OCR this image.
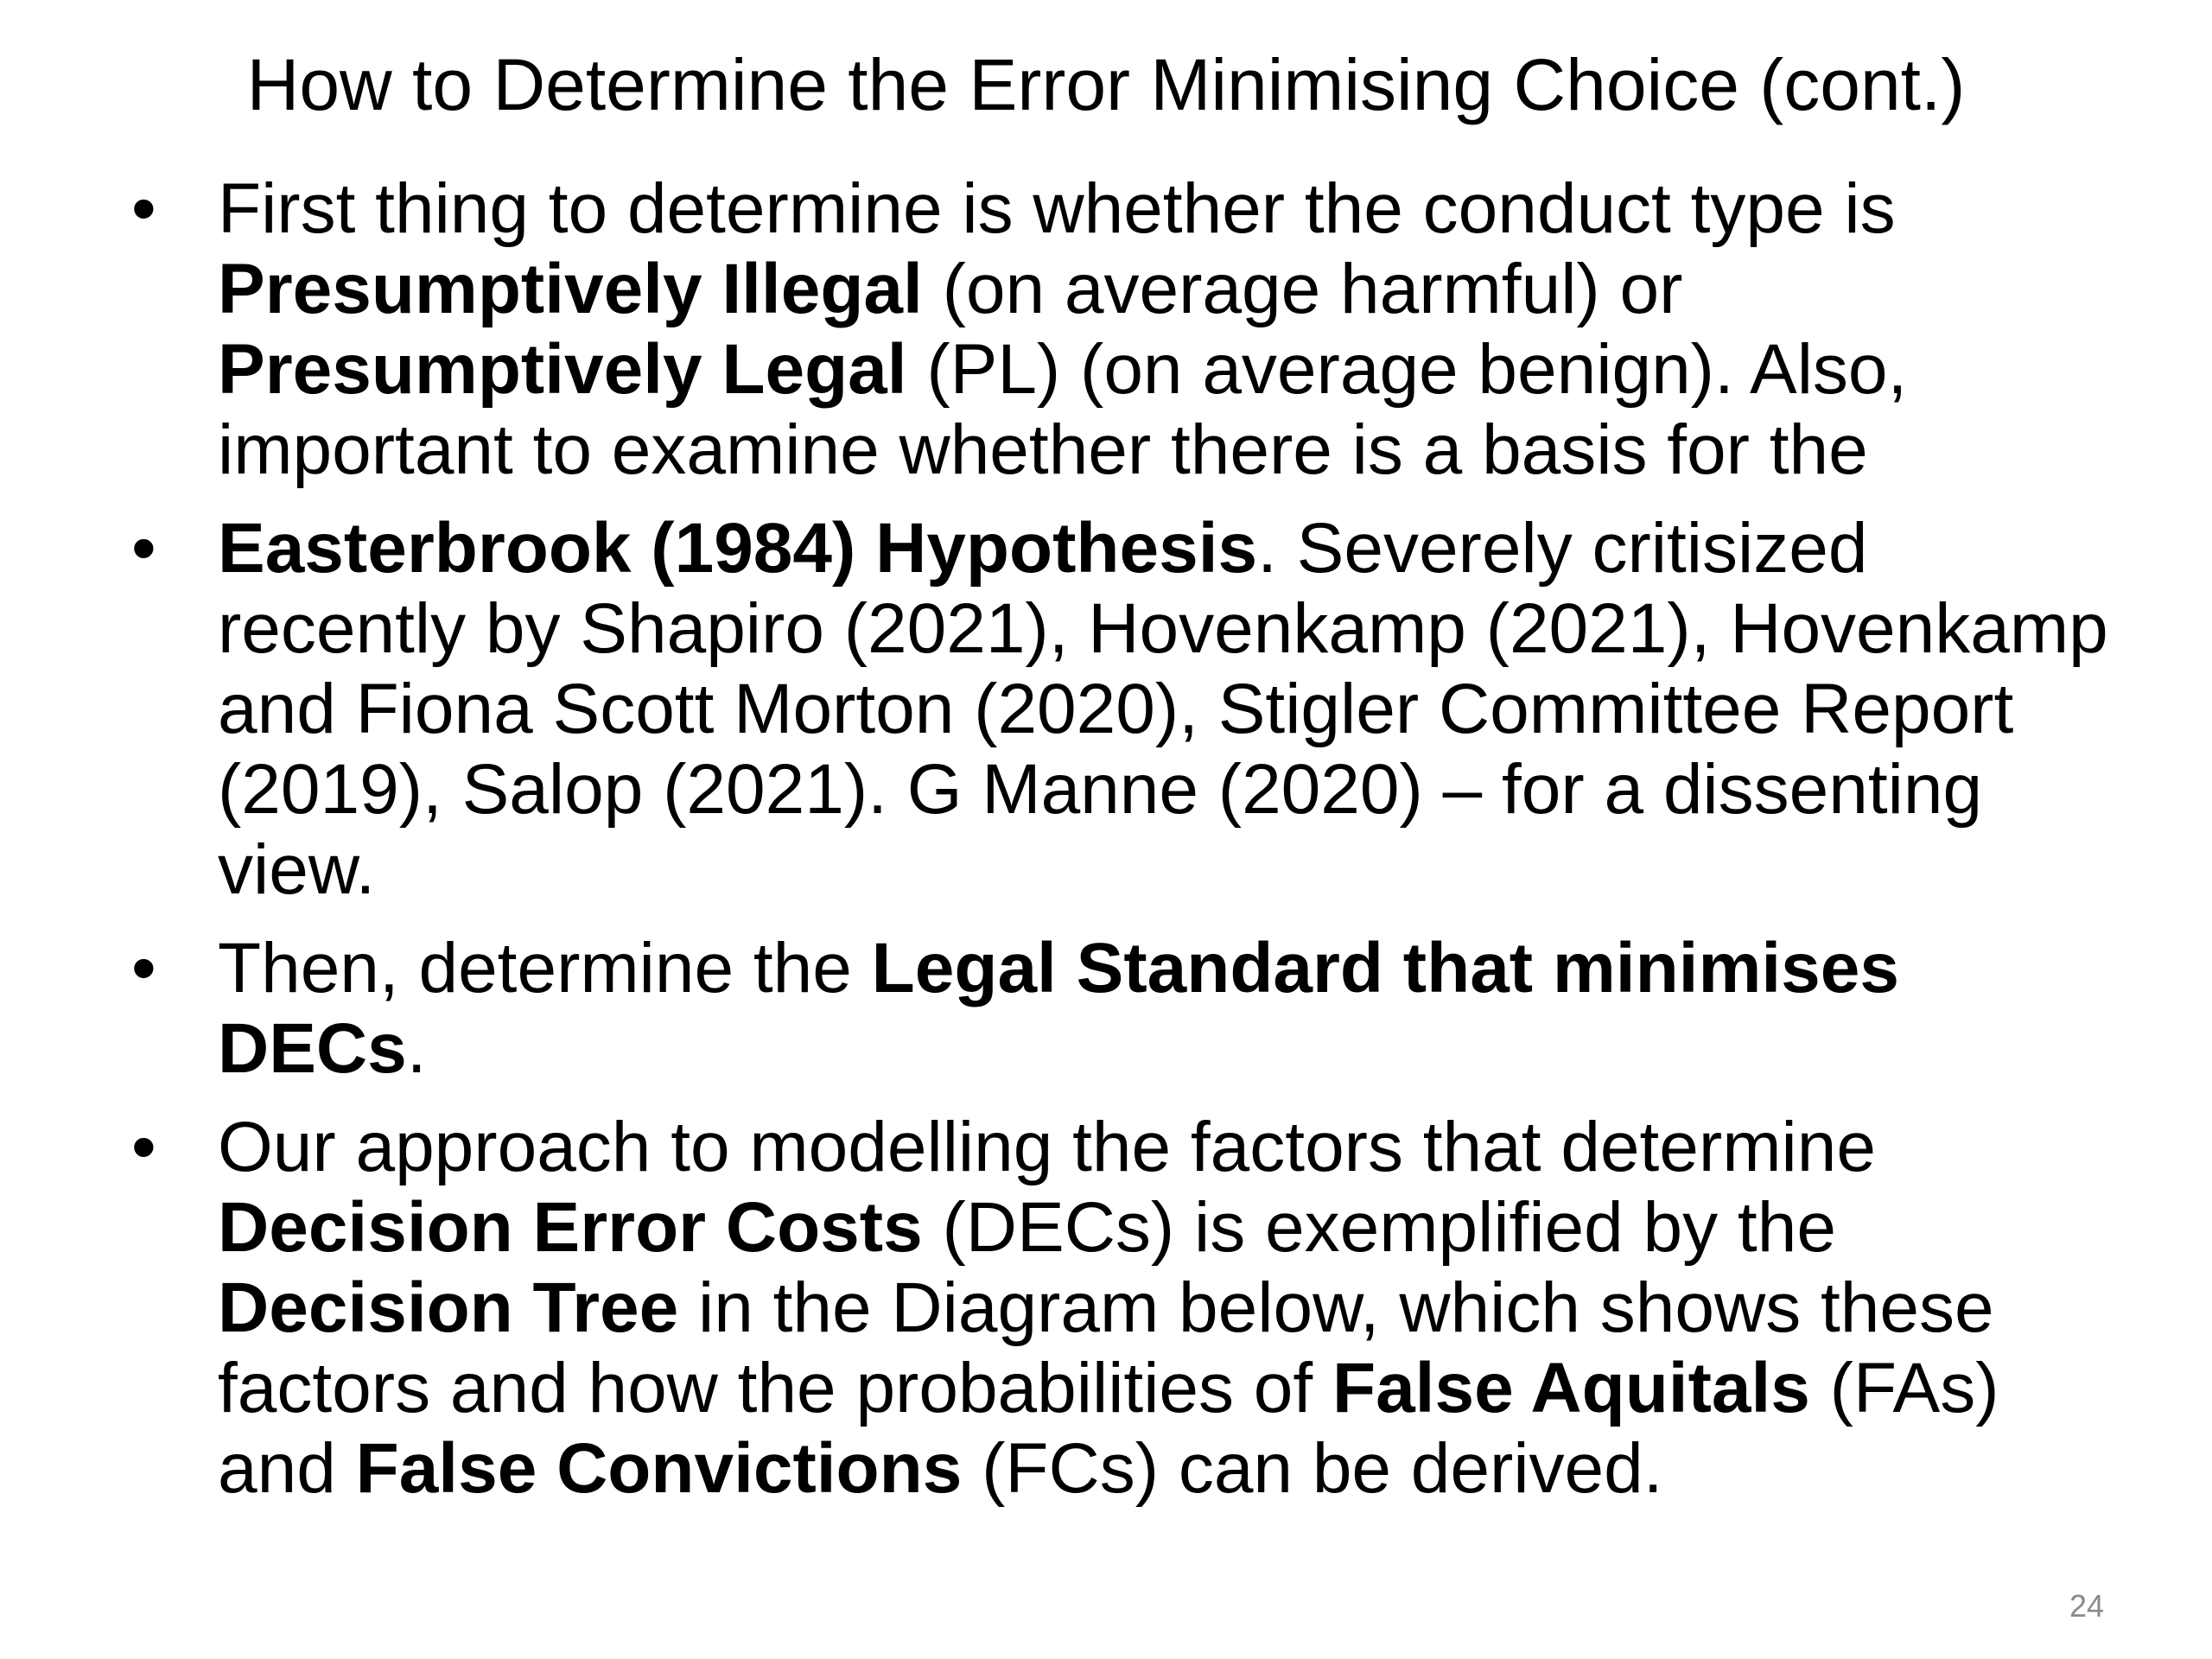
How to Determine the Error Minimising Choice (cont.)
• First thing to determine is whether the conduct type is Presumptively Illegal (on average harmful) or Presumptively Legal (PL) (on average benign). Also, important to examine whether there is a basis for the
• Easterbrook (1984) Hypothesis. Severely critisized recently by Shapiro (2021), Hovenkamp (2021), Hovenkamp and Fiona Scott Morton (2020), Stigler Committee Report (2019), Salop (2021). G Manne (2020) – for a dissenting view.
• Then, determine the Legal Standard that minimises DECs.
• Our approach to modelling the factors that determine Decision Error Costs (DECs) is exemplified by the Decision Tree in the Diagram below, which shows these factors and how the probabilities of False Aquitals (FAs) and False Convictions (FCs) can be derived.
24
